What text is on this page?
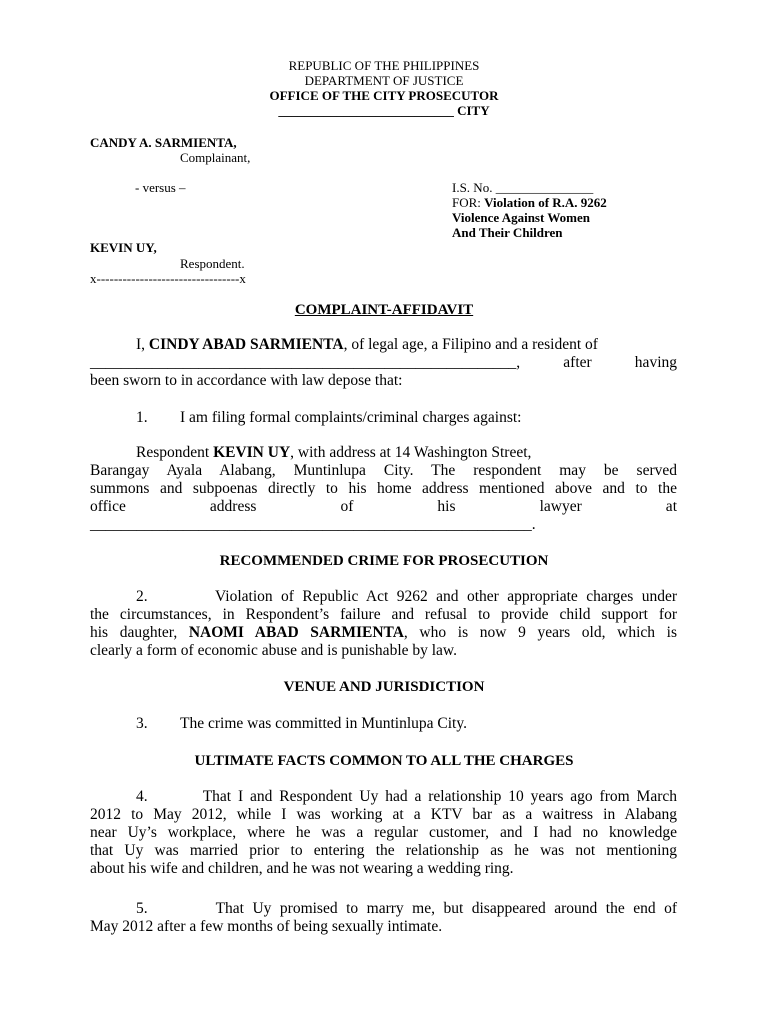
REPUBLIC OF THE PHILIPPINES
DEPARTMENT OF JUSTICE
OFFICE OF THE CITY PROSECUTOR
___________________________ CITY
CANDY A. SARMIENTA,
Complainant,
- versus –	I.S. No. _______________
FOR: Violation of R.A. 9262
Violence Against Women
And Their Children
KEVIN UY,
Respondent.
x---------------------------------x
COMPLAINT-AFFIDAVIT
I, CINDY ABAD SARMIENTA, of legal age, a Filipino and a resident of
_______________________________________________________, after having
been sworn to in accordance with law depose that:
1. I am filing formal complaints/criminal charges against:
Respondent KEVIN UY, with address at 14 Washington Street,
Barangay Ayala Alabang, Muntinlupa City. The respondent may be served
summons and subpoenas directly to his home address mentioned above and to the
office address of his lawyer at
_________________________________________________________.
RECOMMENDED CRIME FOR PROSECUTION
2.	Violation of Republic Act 9262 and other appropriate charges under
the circumstances, in Respondent’s failure and refusal to provide child support for
his daughter, NAOMI ABAD SARMIENTA, who is now 9 years old, which is
clearly a form of economic abuse and is punishable by law.
VENUE AND JURISDICTION
3. The crime was committed in Muntinlupa City.
ULTIMATE FACTS COMMON TO ALL THE CHARGES
4.	That I and Respondent Uy had a relationship 10 years ago from March
2012 to May 2012, while I was working at a KTV bar as a waitress in Alabang
near Uy’s workplace, where he was a regular customer, and I had no knowledge
that Uy was married prior to entering the relationship as he was not mentioning
about his wife and children, and he was not wearing a wedding ring.
5.	That Uy promised to marry me, but disappeared around the end of
May 2012 after a few months of being sexually intimate.
